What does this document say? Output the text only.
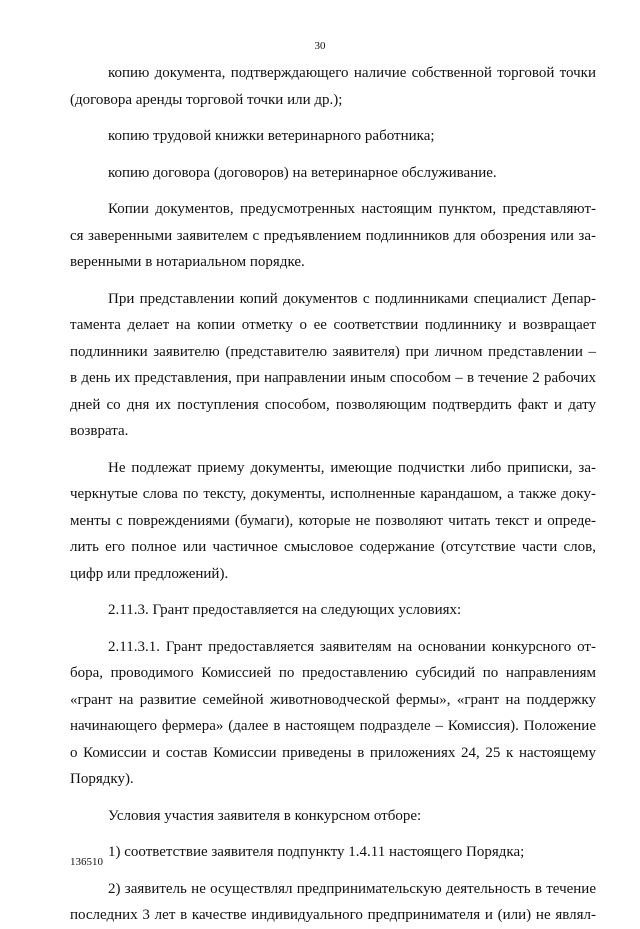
30
копию документа, подтверждающего наличие собственной торговой точки
(договора аренды торговой точки или др.);
копию трудовой книжки ветеринарного работника;
копию договора (договоров) на ветеринарное обслуживание.
Копии документов, предусмотренных настоящим пунктом, представляют-
ся заверенными заявителем с предъявлением подлинников для обозрения или за-
веренными в нотариальном порядке.
При представлении копий документов с подлинниками специалист Депар-
тамента делает на копии отметку о ее соответствии подлиннику и возвращает
подлинники заявителю (представителю заявителя) при личном представлении –
в день их представления, при направлении иным способом – в течение 2 рабочих
дней со дня их поступления способом, позволяющим подтвердить факт и дату
возврата.
Не подлежат приему документы, имеющие подчистки либо приписки, за-
черкнутые слова по тексту, документы, исполненные карандашом, а также доку-
менты с повреждениями (бумаги), которые не позволяют читать текст и опреде-
лить его полное или частичное смысловое содержание (отсутствие части слов,
цифр или предложений).
2.11.3. Грант предоставляется на следующих условиях:
2.11.3.1. Грант предоставляется заявителям на основании конкурсного от-
бора, проводимого Комиссией по предоставлению субсидий по направлениям
«грант на развитие семейной животноводческой фермы», «грант на поддержку
начинающего фермера» (далее в настоящем подразделе – Комиссия). Положение
о Комиссии и состав Комиссии приведены в приложениях 24, 25 к настоящему
Порядку).
Условия участия заявителя в конкурсном отборе:
1) соответствие заявителя подпункту 1.4.11 настоящего Порядка;
2) заявитель не осуществлял предпринимательскую деятельность в течение
последних 3 лет в качестве индивидуального предпринимателя и (или) не являл-
136510
